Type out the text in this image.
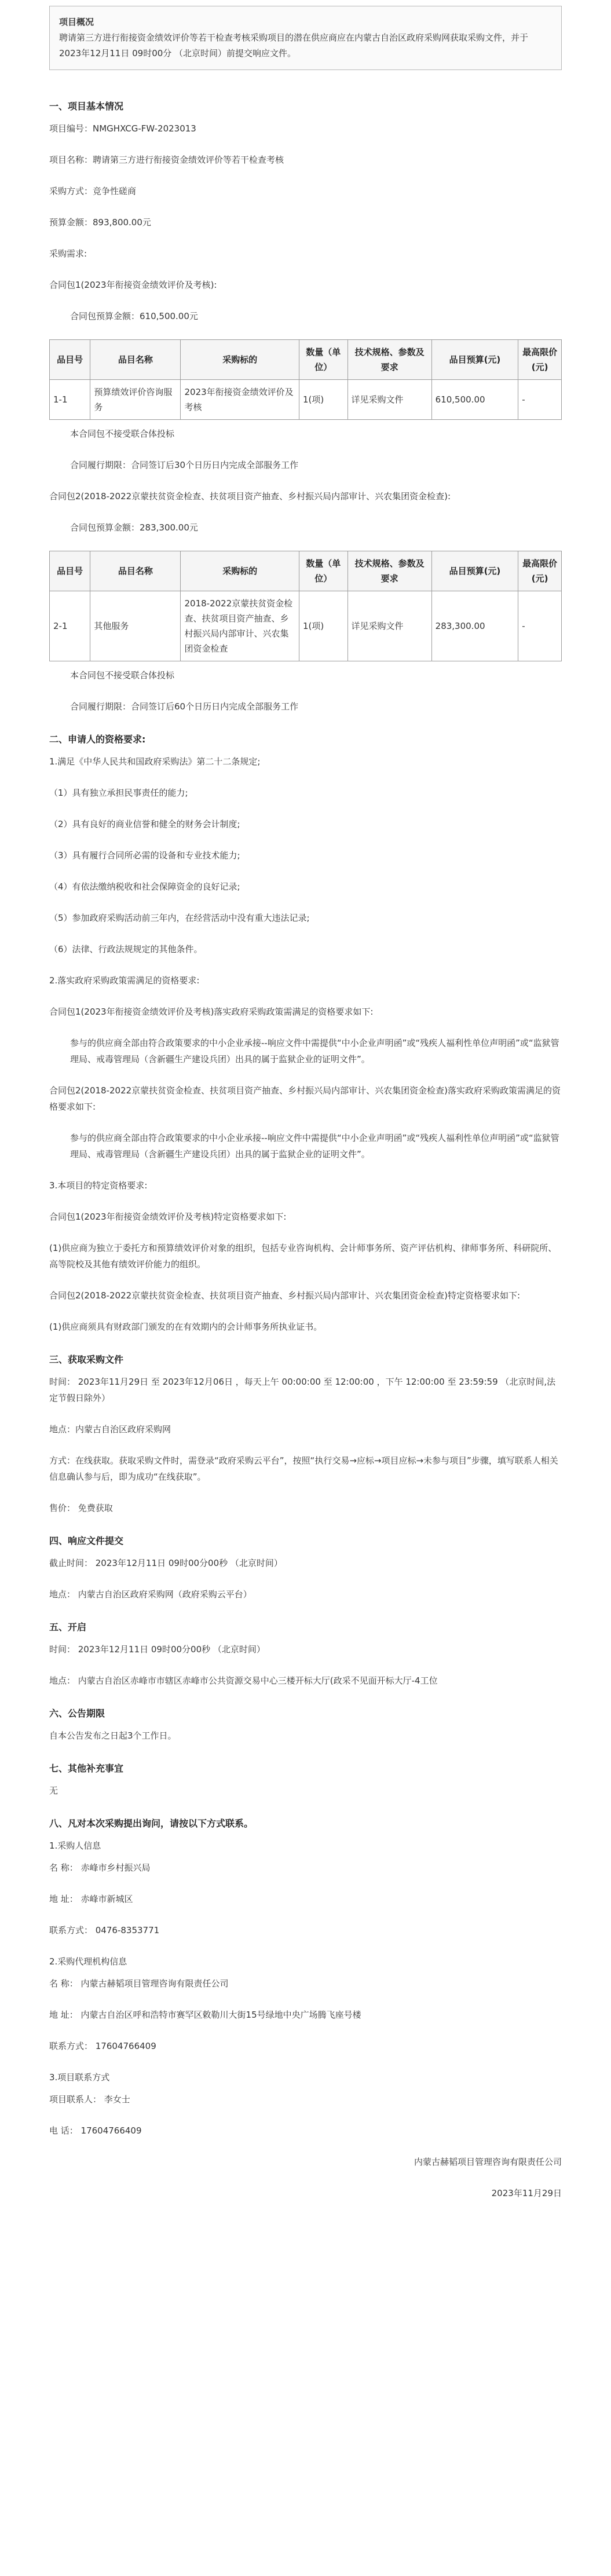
项目概况
聘请第三方进行衔接资金绩效评价等若干检查考核采购项目的潜在供应商应在内蒙古自治区政府采购网获取采购文件，并于 2023年12月11日 09时00分 （北京时间）前提交响应文件。
一、项目基本情况

项目编号：NMGHXCG-FW-2023013

项目名称：聘请第三方进行衔接资金绩效评价等若干检查考核

采购方式：竞争性磋商

预算金额：893,800.00元

采购需求:

合同包1(2023年衔接资金绩效评价及考核):

合同包预算金额：610,500.00元

品目号	品目名称	采购标的	数量（单位）	技术规格、参数及要求	品目预算(元)	最高限价(元)
1-1	预算绩效评价咨询服务	2023年衔接资金绩效评价及考核	1(项)	详见采购文件	610,500.00	-

本合同包不接受联合体投标

合同履行期限：合同签订后30个日历日内完成全部服务工作

合同包2(2018-2022京蒙扶贫资金检查、扶贫项目资产抽查、乡村振兴局内部审计、兴农集团资金检查):

合同包预算金额：283,300.00元

品目号	品目名称	采购标的	数量（单位）	技术规格、参数及要求	品目预算(元)	最高限价(元)
2-1	其他服务	2018-2022京蒙扶贫资金检查、扶贫项目资产抽查、乡村振兴局内部审计、兴农集团资金检查	1(项)	详见采购文件	283,300.00	-

本合同包不接受联合体投标

合同履行期限：合同签订后60个日历日内完成全部服务工作

二、申请人的资格要求:

1.满足《中华人民共和国政府采购法》第二十二条规定;

（1）具有独立承担民事责任的能力;

（2）具有良好的商业信誉和健全的财务会计制度;

（3）具有履行合同所必需的设备和专业技术能力;

（4）有依法缴纳税收和社会保障资金的良好记录;

（5）参加政府采购活动前三年内，在经营活动中没有重大违法记录;

（6）法律、行政法规规定的其他条件。

2.落实政府采购政策需满足的资格要求:

合同包1(2023年衔接资金绩效评价及考核)落实政府采购政策需满足的资格要求如下:

参与的供应商全部由符合政策要求的中小企业承接--响应文件中需提供“中小企业声明函”或“残疾人福利性单位声明函”或“监狱管理局、戒毒管理局（含新疆生产建设兵团）出具的属于监狱企业的证明文件”。

合同包2(2018-2022京蒙扶贫资金检查、扶贫项目资产抽查、乡村振兴局内部审计、兴农集团资金检查)落实政府采购政策需满足的资格要求如下:

参与的供应商全部由符合政策要求的中小企业承接--响应文件中需提供“中小企业声明函”或“残疾人福利性单位声明函”或“监狱管理局、戒毒管理局（含新疆生产建设兵团）出具的属于监狱企业的证明文件”。

3.本项目的特定资格要求:

合同包1(2023年衔接资金绩效评价及考核)特定资格要求如下:

(1)供应商为独立于委托方和预算绩效评价对象的组织，包括专业咨询机构、会计师事务所、资产评估机构、律师事务所、科研院所、高等院校及其他有绩效评价能力的组织。

合同包2(2018-2022京蒙扶贫资金检查、扶贫项目资产抽查、乡村振兴局内部审计、兴农集团资金检查)特定资格要求如下:

(1)供应商须具有财政部门颁发的在有效期内的会计师事务所执业证书。

三、获取采购文件

时间： 2023年11月29日 至 2023年12月06日 ，每天上午 00:00:00 至 12:00:00 ，下午 12:00:00 至 23:59:59 （北京时间,法定节假日除外）

地点：内蒙古自治区政府采购网

方式：在线获取。获取采购文件时，需登录“政府采购云平台”，按照“执行交易→应标→项目应标→未参与项目”步骤，填写联系人相关信息确认参与后，即为成功“在线获取”。

售价： 免费获取

四、响应文件提交

截止时间： 2023年12月11日 09时00分00秒 （北京时间）

地点： 内蒙古自治区政府采购网（政府采购云平台）

五、开启

时间： 2023年12月11日 09时00分00秒 （北京时间）

地点： 内蒙古自治区赤峰市市辖区赤峰市公共资源交易中心三楼开标大厅(政采不见面开标大厅-4工位

六、公告期限

自本公告发布之日起3个工作日。

七、其他补充事宜

无

八、凡对本次采购提出询问，请按以下方式联系。

1.采购人信息

名 称： 赤峰市乡村振兴局

地 址： 赤峰市新城区

联系方式： 0476-8353771

2.采购代理机构信息

名 称： 内蒙古赫韬项目管理咨询有限责任公司

地 址： 内蒙古自治区呼和浩特市赛罕区敕勒川大街15号绿地中央广场腾飞座号楼

联系方式： 17604766409

3.项目联系方式

项目联系人： 李女士

电 话： 17604766409

内蒙古赫韬项目管理咨询有限责任公司

2023年11月29日
